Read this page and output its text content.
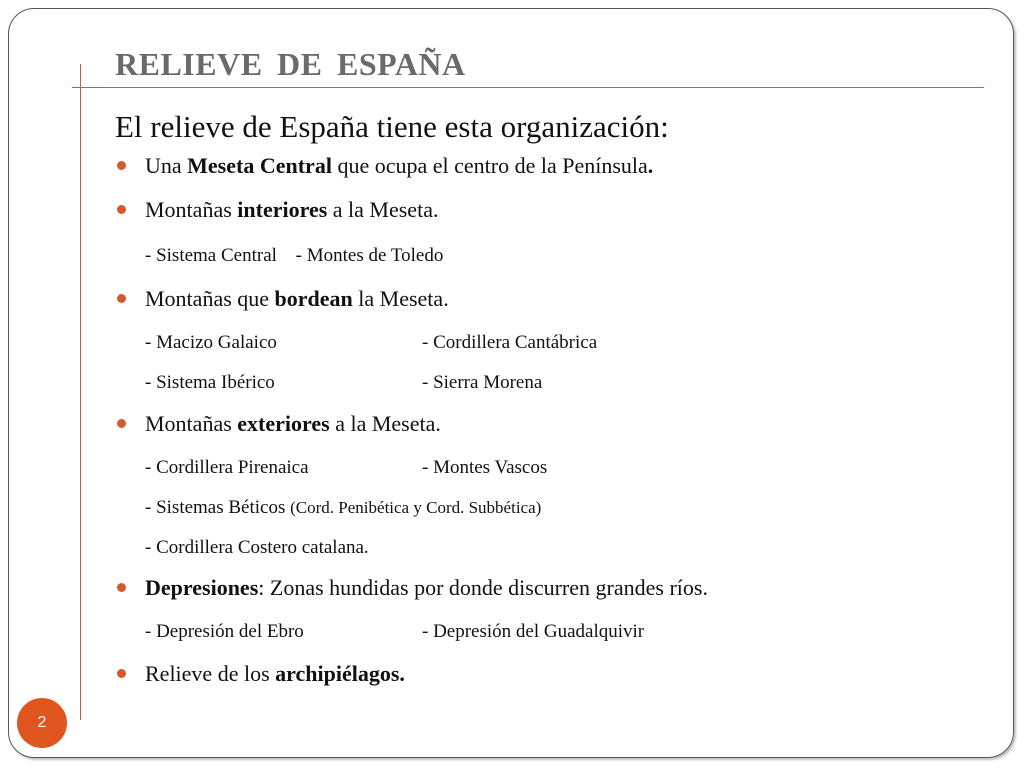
RELIEVE DE ESPAÑA
El relieve de España tiene esta organización:
Una Meseta Central que ocupa el centro de la Península.
Montañas interiores a la Meseta.
- Sistema Central - Montes de Toledo
Montañas que bordean la Meseta.
- Macizo Galaico	- Cordillera Cantábrica
- Sistema Ibérico	- Sierra Morena
Montañas exteriores a la Meseta.
- Cordillera Pirenaica	- Montes Vascos
- Sistemas Béticos (Cord. Penibética y Cord. Subbética)
- Cordillera Costero catalana.
Depresiones: Zonas hundidas por donde discurren grandes ríos.
- Depresión del Ebro	- Depresión del Guadalquivir
Relieve de los archipiélagos.
2
